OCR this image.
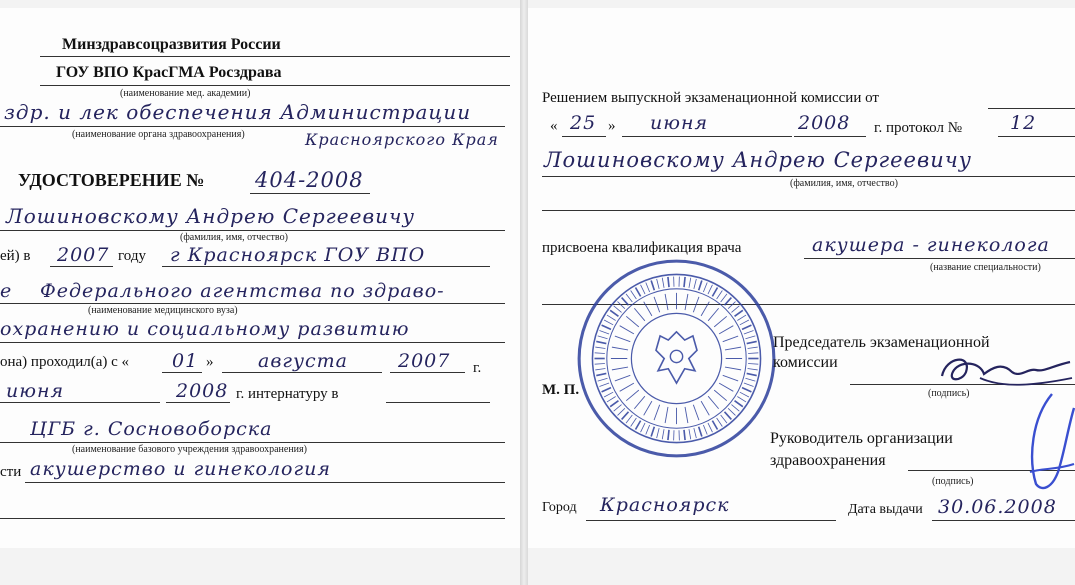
Минздравсоцразвития России
ГОУ ВПО КрасГМА Росздрава
(наименование мед. академии)
здр. и лек обеспечения Администрации
(наименование органа здравоохранения)	Красноярского Края
УДОСТОВЕРЕНИЕ № 404-2008
Лошиновскому Андрею Сергеевичу
(фамилия, имя, отчество)
ей) в 2007 году г Красноярск ГОУ ВПО
е Федерального агентства по здраво-
(наименование медицинского вуза)
охранению и социальному развитию
она) проходил(а) с « 01 » августа	2007 г.
июня	2008 г. интернатуру в
ЦГБ г. Сосновоборска
(наименование базового учреждения здравоохранения)
сти акушерство и гинекология
Решением выпускной экзаменационной комиссии от
« 25 » июня	2008 г. протокол №	12
Лошиновскому Андрею Сергеевичу
(фамилия, имя, отчество)
присвоена квалификация врача	акушера - гинеколога
(название специальности)
Председатель экзаменационной
комиссии
(подпись)
М. П.
Руководитель организации
здравоохранения
(подпись)
Город Красноярск	Дата выдачи 30.06.2008
